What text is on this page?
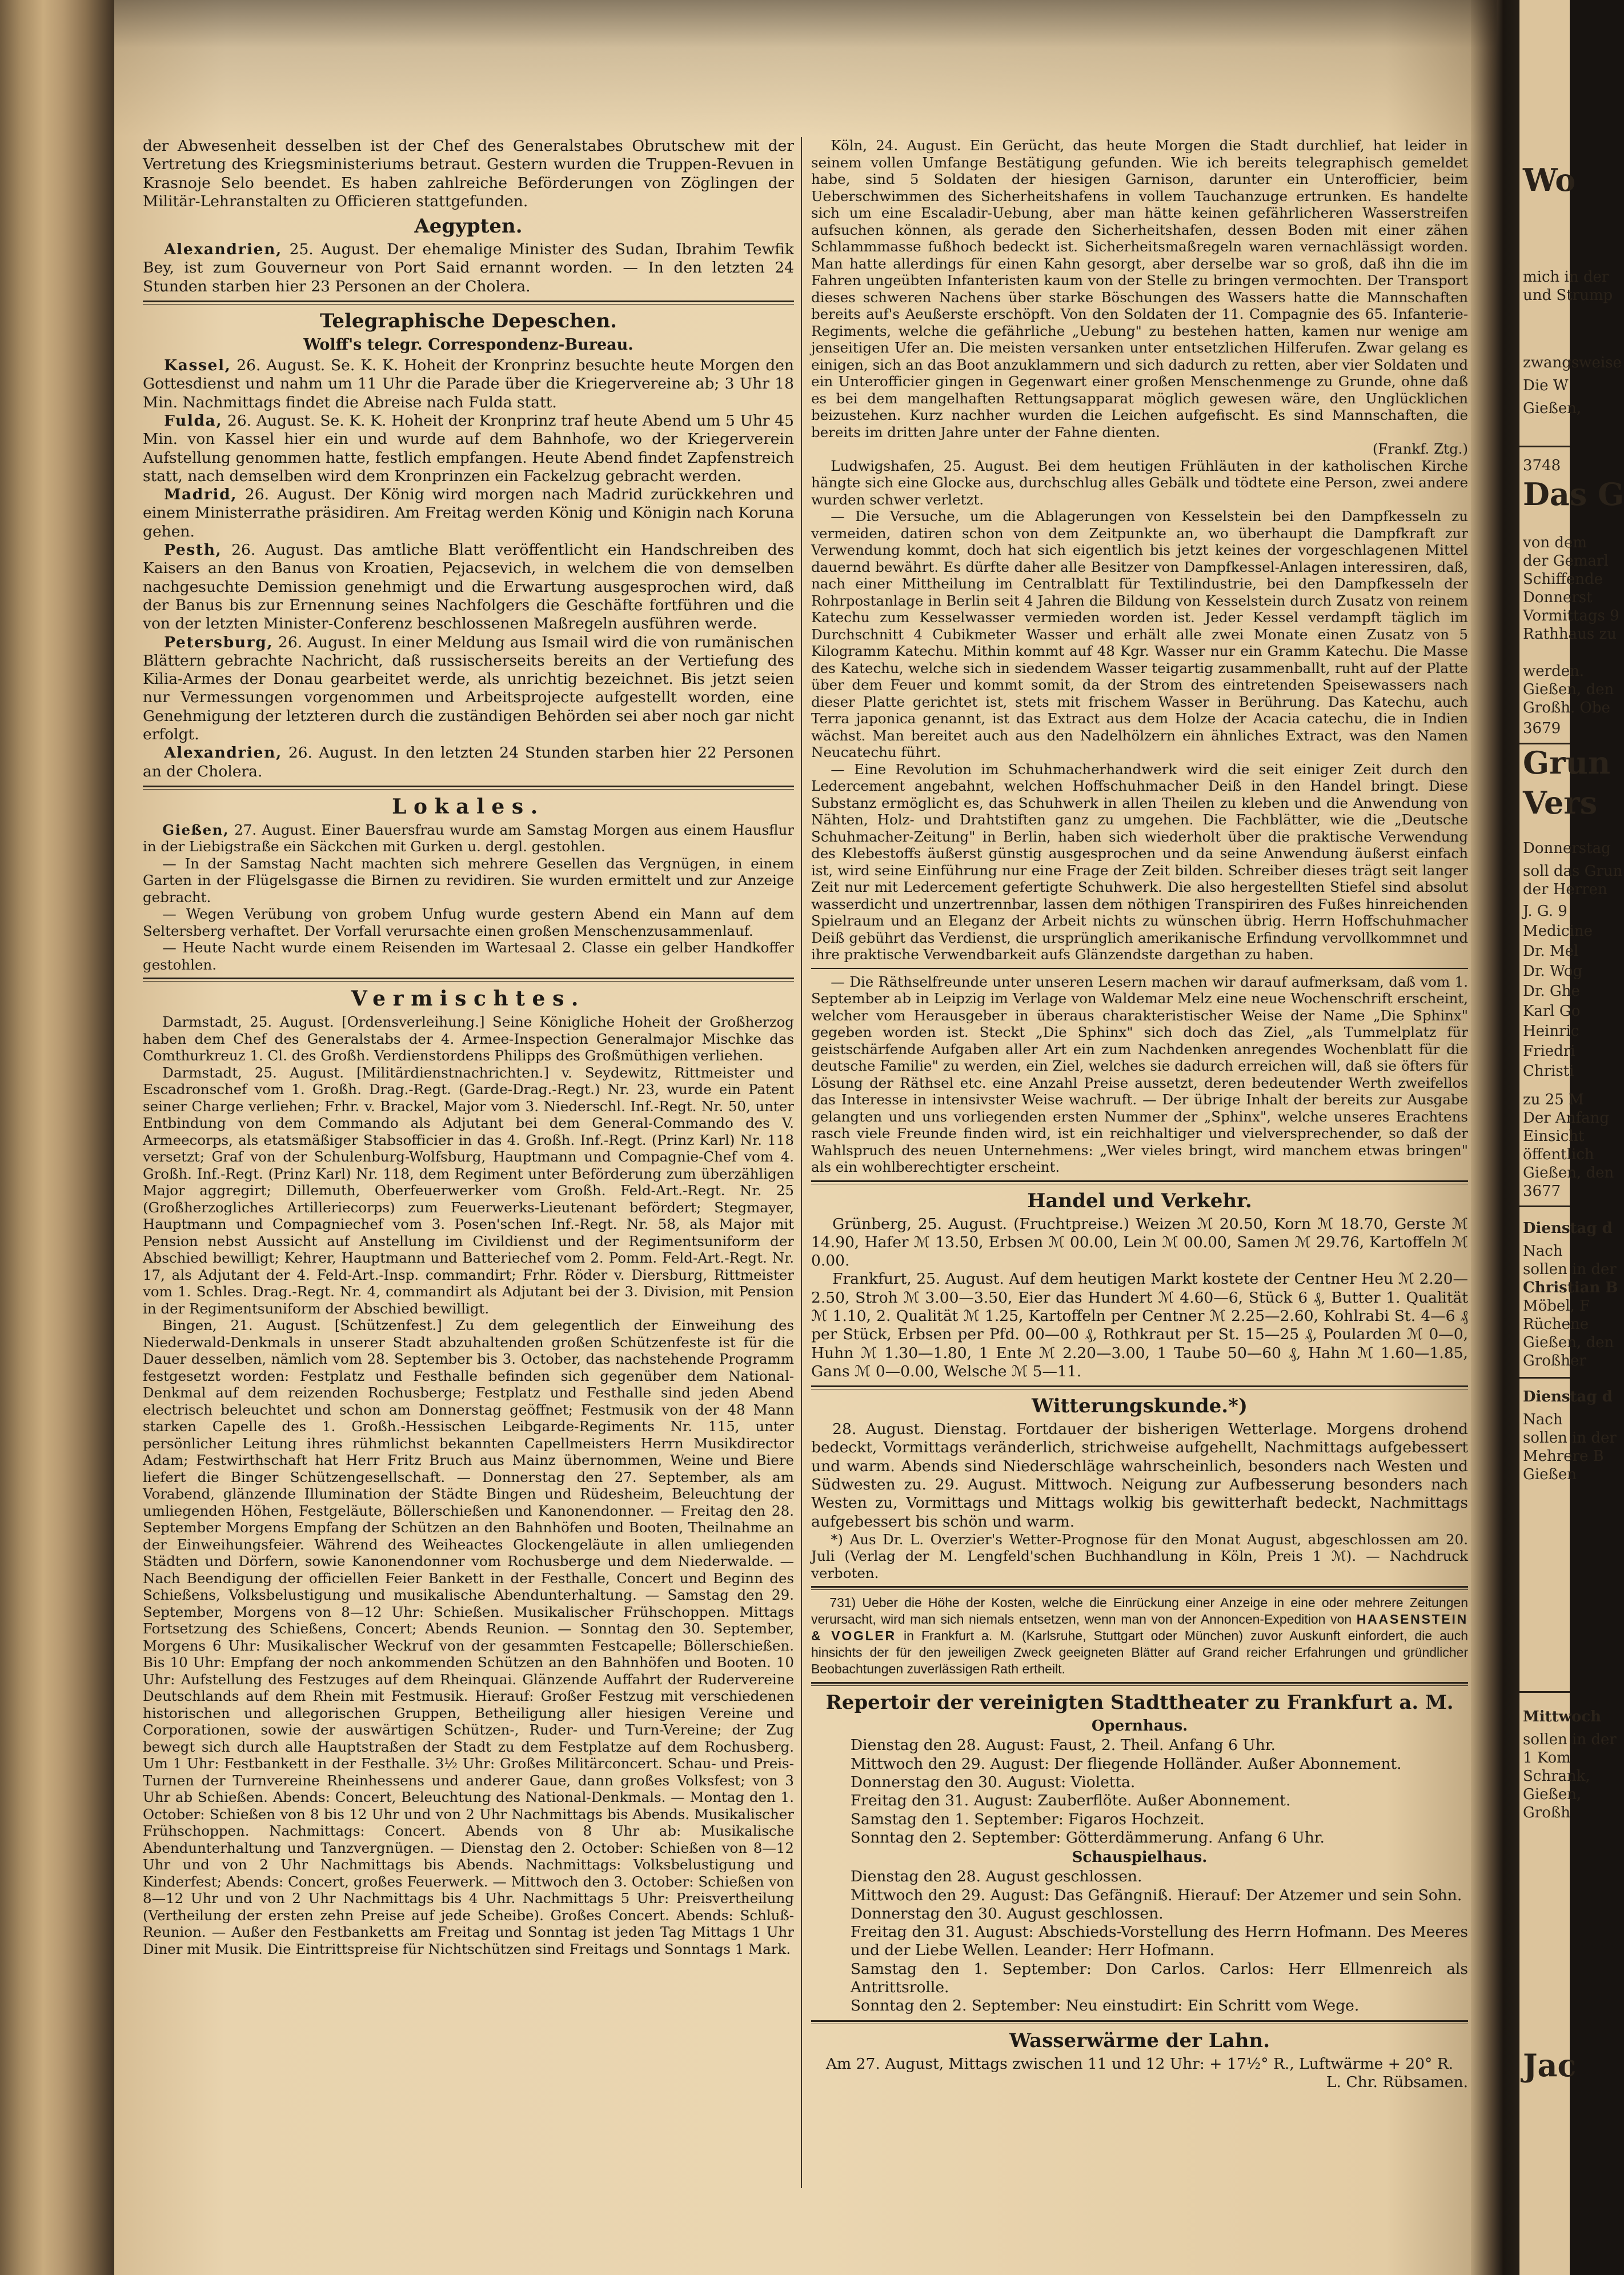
Wo
mich in der
und Strump
zwangsweise
Die W
Gießen,
3748
Das G
von dem
der Gemarl
Schiffende
Donnerst
Vormittags 9
Rathhaus zu
werden.
Gießen, den
Großh. Obe
3679
Grun
Vers
Donnerstag
soll das Grun
der Herren
J. G. 9
Medicine
Dr. Mel
Dr. Wog
Dr. Ghe
Karl Go
Heinric
Friedri
Christi
zu 25 M
Der Anfang
Einsicht
öffentlich
Gießen, den
3677
Dienstag d
Nach
sollen in der
Christian B
Möbel, F
Rüchene
Gießen, den
Großher
Dienstag d
Nach
sollen in der
Mehrere B
Gießen
Mittwoch
sollen in der
1 Kom
Schrank,
Gießen,
Großh
Jac

der Abwesenheit desselben ist der Chef des Generalstabes Obrutschew mit der Vertretung des Kriegsministeriums betraut. Gestern wurden die Truppen-Revuen in Krasnoje Selo beendet. Es haben zahlreiche Beförderungen von Zöglingen der Militär-Lehranstalten zu Officieren stattgefunden.

Aegypten.

Alexandrien, 25. August. Der ehemalige Minister des Sudan, Ibrahim Tewfik Bey, ist zum Gouverneur von Port Said ernannt worden. — In den letzten 24 Stunden starben hier 23 Personen an der Cholera.

Telegraphische Depeschen.
Wolff's telegr. Correspondenz-Bureau.

Kassel, 26. August. Se. K. K. Hoheit der Kronprinz besuchte heute Morgen den Gottesdienst und nahm um 11 Uhr die Parade über die Kriegervereine ab; 3 Uhr 18 Min. Nachmittags findet die Abreise nach Fulda statt.

Fulda, 26. August. Se. K. K. Hoheit der Kronprinz traf heute Abend um 5 Uhr 45 Min. von Kassel hier ein und wurde auf dem Bahnhofe, wo der Kriegerverein Aufstellung genommen hatte, festlich empfangen. Heute Abend findet Zapfenstreich statt, nach demselben wird dem Kronprinzen ein Fackelzug gebracht werden.

Madrid, 26. August. Der König wird morgen nach Madrid zurückkehren und einem Ministerrathe präsidiren. Am Freitag werden König und Königin nach Koruna gehen.

Pesth, 26. August. Das amtliche Blatt veröffentlicht ein Handschreiben des Kaisers an den Banus von Kroatien, Pejacsevich, in welchem die von demselben nachgesuchte Demission genehmigt und die Erwartung ausgesprochen wird, daß der Banus bis zur Ernennung seines Nachfolgers die Geschäfte fortführen und die von der letzten Minister-Conferenz beschlossenen Maßregeln ausführen werde.

Petersburg, 26. August. In einer Meldung aus Ismail wird die von rumänischen Blättern gebrachte Nachricht, daß russischerseits bereits an der Vertiefung des Kilia-Armes der Donau gearbeitet werde, als unrichtig bezeichnet. Bis jetzt seien nur Vermessungen vorgenommen und Arbeitsprojecte aufgestellt worden, eine Genehmigung der letzteren durch die zuständigen Behörden sei aber noch gar nicht erfolgt.

Alexandrien, 26. August. In den letzten 24 Stunden starben hier 22 Personen an der Cholera.

Lokales.

Gießen, 27. August. Einer Bauersfrau wurde am Samstag Morgen aus einem Hausflur in der Liebigstraße ein Säckchen mit Gurken u. dergl. gestohlen.

— In der Samstag Nacht machten sich mehrere Gesellen das Vergnügen, in einem Garten in der Flügelsgasse die Birnen zu revidiren. Sie wurden ermittelt und zur Anzeige gebracht.

— Wegen Verübung von grobem Unfug wurde gestern Abend ein Mann auf dem Seltersberg verhaftet. Der Vorfall verursachte einen großen Menschenzusammenlauf.

— Heute Nacht wurde einem Reisenden im Wartesaal 2. Classe ein gelber Handkoffer gestohlen.

Vermischtes.

Darmstadt, 25. August. [Ordensverleihung.] Seine Königliche Hoheit der Großherzog haben dem Chef des Generalstabs der 4. Armee-Inspection Generalmajor Mischke das Comthurkreuz 1. Cl. des Großh. Verdienstordens Philipps des Großmüthigen verliehen.

Darmstadt, 25. August. [Militärdienstnachrichten.] v. Seydewitz, Rittmeister und Escadronschef vom 1. Großh. Drag.-Regt. (Garde-Drag.-Regt.) Nr. 23, wurde ein Patent seiner Charge verliehen; Frhr. v. Brackel, Major vom 3. Niederschl. Inf.-Regt. Nr. 50, unter Entbindung von dem Commando als Adjutant bei dem General-Commando des V. Armeecorps, als etatsmäßiger Stabsofficier in das 4. Großh. Inf.-Regt. (Prinz Karl) Nr. 118 versetzt; Graf von der Schulenburg-Wolfsburg, Hauptmann und Compagnie-Chef vom 4. Großh. Inf.-Regt. (Prinz Karl) Nr. 118, dem Regiment unter Beförderung zum überzähligen Major aggregirt; Dillemuth, Oberfeuerwerker vom Großh. Feld-Art.-Regt. Nr. 25 (Großherzogliches Artilleriecorps) zum Feuerwerks-Lieutenant befördert; Stegmayer, Hauptmann und Compagniechef vom 3. Posen'schen Inf.-Regt. Nr. 58, als Major mit Pension nebst Aussicht auf Anstellung im Civildienst und der Regimentsuniform der Abschied bewilligt; Kehrer, Hauptmann und Batteriechef vom 2. Pomm. Feld-Art.-Regt. Nr. 17, als Adjutant der 4. Feld-Art.-Insp. commandirt; Frhr. Röder v. Diersburg, Rittmeister vom 1. Schles. Drag.-Regt. Nr. 4, commandirt als Adjutant bei der 3. Division, mit Pension in der Regimentsuniform der Abschied bewilligt.

Bingen, 21. August. [Schützenfest.] Zu dem gelegentlich der Einweihung des Niederwald-Denkmals in unserer Stadt abzuhaltenden großen Schützenfeste ist für die Dauer desselben, nämlich vom 28. September bis 3. October, das nachstehende Programm festgesetzt worden: Festplatz und Festhalle befinden sich gegenüber dem National-Denkmal auf dem reizenden Rochusberge; Festplatz und Festhalle sind jeden Abend electrisch beleuchtet und schon am Donnerstag geöffnet; Festmusik von der 48 Mann starken Capelle des 1. Großh.-Hessischen Leibgarde-Regiments Nr. 115, unter persönlicher Leitung ihres rühmlichst bekannten Capellmeisters Herrn Musikdirector Adam; Festwirthschaft hat Herr Fritz Bruch aus Mainz übernommen, Weine und Biere liefert die Binger Schützengesellschaft. — Donnerstag den 27. September, als am Vorabend, glänzende Illumination der Städte Bingen und Rüdesheim, Beleuchtung der umliegenden Höhen, Festgeläute, Böllerschießen und Kanonendonner. — Freitag den 28. September Morgens Empfang der Schützen an den Bahnhöfen und Booten, Theilnahme an der Einweihungsfeier. Während des Weiheactes Glockengeläute in allen umliegenden Städten und Dörfern, sowie Kanonendonner vom Rochusberge und dem Niederwalde. — Nach Beendigung der officiellen Feier Bankett in der Festhalle, Concert und Beginn des Schießens, Volksbelustigung und musikalische Abendunterhaltung. — Samstag den 29. September, Morgens von 8—12 Uhr: Schießen. Musikalischer Frühschoppen. Mittags Fortsetzung des Schießens, Concert; Abends Reunion. — Sonntag den 30. September, Morgens 6 Uhr: Musikalischer Weckruf von der gesammten Festcapelle; Böllerschießen. Bis 10 Uhr: Empfang der noch ankommenden Schützen an den Bahnhöfen und Booten. 10 Uhr: Aufstellung des Festzuges auf dem Rheinquai. Glänzende Auffahrt der Rudervereine Deutschlands auf dem Rhein mit Festmusik. Hierauf: Großer Festzug mit verschiedenen historischen und allegorischen Gruppen, Betheiligung aller hiesigen Vereine und Corporationen, sowie der auswärtigen Schützen-, Ruder- und Turn-Vereine; der Zug bewegt sich durch alle Hauptstraßen der Stadt zu dem Festplatze auf dem Rochusberg. Um 1 Uhr: Festbankett in der Festhalle. 3½ Uhr: Großes Militärconcert. Schau- und Preis-Turnen der Turnvereine Rheinhessens und anderer Gaue, dann großes Volksfest; von 3 Uhr ab Schießen. Abends: Concert, Beleuchtung des National-Denkmals. — Montag den 1. October: Schießen von 8 bis 12 Uhr und von 2 Uhr Nachmittags bis Abends. Musikalischer Frühschoppen. Nachmittags: Concert. Abends von 8 Uhr ab: Musikalische Abendunterhaltung und Tanzvergnügen. — Dienstag den 2. October: Schießen von 8—12 Uhr und von 2 Uhr Nachmittags bis Abends. Nachmittags: Volksbelustigung und Kinderfest; Abends: Concert, großes Feuerwerk. — Mittwoch den 3. October: Schießen von 8—12 Uhr und von 2 Uhr Nachmittags bis 4 Uhr. Nachmittags 5 Uhr: Preisvertheilung (Vertheilung der ersten zehn Preise auf jede Scheibe). Großes Concert. Abends: Schluß-Reunion. — Außer den Festbanketts am Freitag und Sonntag ist jeden Tag Mittags 1 Uhr Diner mit Musik. Die Eintrittspreise für Nichtschützen sind Freitags und Sonntags 1 Mark.

Köln, 24. August. Ein Gerücht, das heute Morgen die Stadt durchlief, hat leider in seinem vollen Umfange Bestätigung gefunden. Wie ich bereits telegraphisch gemeldet habe, sind 5 Soldaten der hiesigen Garnison, darunter ein Unterofficier, beim Ueberschwimmen des Sicherheitshafens in vollem Tauchanzuge ertrunken. Es handelte sich um eine Escaladir-Uebung, aber man hätte keinen gefährlicheren Wasserstreifen aufsuchen können, als gerade den Sicherheitshafen, dessen Boden mit einer zähen Schlammmasse fußhoch bedeckt ist. Sicherheitsmaßregeln waren vernachlässigt worden. Man hatte allerdings für einen Kahn gesorgt, aber derselbe war so groß, daß ihn die im Fahren ungeübten Infanteristen kaum von der Stelle zu bringen vermochten. Der Transport dieses schweren Nachens über starke Böschungen des Wassers hatte die Mannschaften bereits auf's Aeußerste erschöpft. Von den Soldaten der 11. Compagnie des 65. Infanterie-Regiments, welche die gefährliche „Uebung" zu bestehen hatten, kamen nur wenige am jenseitigen Ufer an. Die meisten versanken unter entsetzlichen Hilferufen. Zwar gelang es einigen, sich an das Boot anzuklammern und sich dadurch zu retten, aber vier Soldaten und ein Unterofficier gingen in Gegenwart einer großen Menschenmenge zu Grunde, ohne daß es bei dem mangelhaften Rettungsapparat möglich gewesen wäre, den Unglücklichen beizustehen. Kurz nachher wurden die Leichen aufgefischt. Es sind Mannschaften, die bereits im dritten Jahre unter der Fahne dienten.

(Frankf. Ztg.)

Ludwigshafen, 25. August. Bei dem heutigen Frühläuten in der katholischen Kirche hängte sich eine Glocke aus, durchschlug alles Gebälk und tödtete eine Person, zwei andere wurden schwer verletzt.

— Die Versuche, um die Ablagerungen von Kesselstein bei den Dampfkesseln zu vermeiden, datiren schon von dem Zeitpunkte an, wo überhaupt die Dampfkraft zur Verwendung kommt, doch hat sich eigentlich bis jetzt keines der vorgeschlagenen Mittel dauernd bewährt. Es dürfte daher alle Besitzer von Dampfkessel-Anlagen interessiren, daß, nach einer Mittheilung im Centralblatt für Textilindustrie, bei den Dampfkesseln der Rohrpostanlage in Berlin seit 4 Jahren die Bildung von Kesselstein durch Zusatz von reinem Katechu zum Kesselwasser vermieden worden ist. Jeder Kessel verdampft täglich im Durchschnitt 4 Cubikmeter Wasser und erhält alle zwei Monate einen Zusatz von 5 Kilogramm Katechu. Mithin kommt auf 48 Kgr. Wasser nur ein Gramm Katechu. Die Masse des Katechu, welche sich in siedendem Wasser teigartig zusammenballt, ruht auf der Platte über dem Feuer und kommt somit, da der Strom des eintretenden Speisewassers nach dieser Platte gerichtet ist, stets mit frischem Wasser in Berührung. Das Katechu, auch Terra japonica genannt, ist das Extract aus dem Holze der Acacia catechu, die in Indien wächst. Man bereitet auch aus den Nadelhölzern ein ähnliches Extract, was den Namen Neucatechu führt.

— Eine Revolution im Schuhmacherhandwerk wird die seit einiger Zeit durch den Ledercement angebahnt, welchen Hoffschuhmacher Deiß in den Handel bringt. Diese Substanz ermöglicht es, das Schuhwerk in allen Theilen zu kleben und die Anwendung von Nähten, Holz- und Drahtstiften ganz zu umgehen. Die Fachblätter, wie die „Deutsche Schuhmacher-Zeitung" in Berlin, haben sich wiederholt über die praktische Verwendung des Klebestoffs äußerst günstig ausgesprochen und da seine Anwendung äußerst einfach ist, wird seine Einführung nur eine Frage der Zeit bilden. Schreiber dieses trägt seit langer Zeit nur mit Ledercement gefertigte Schuhwerk. Die also hergestellten Stiefel sind absolut wasserdicht und unzertrennbar, lassen dem nöthigen Transpiriren des Fußes hinreichenden Spielraum und an Eleganz der Arbeit nichts zu wünschen übrig. Herrn Hoffschuhmacher Deiß gebührt das Verdienst, die ursprünglich amerikanische Erfindung vervollkommnet und ihre praktische Verwendbarkeit aufs Glänzendste dargethan zu haben.

— Die Räthselfreunde unter unseren Lesern machen wir darauf aufmerksam, daß vom 1. September ab in Leipzig im Verlage von Waldemar Melz eine neue Wochenschrift erscheint, welcher vom Herausgeber in überaus charakteristischer Weise der Name „Die Sphinx" gegeben worden ist. Steckt „Die Sphinx" sich doch das Ziel, „als Tummelplatz für geistschärfende Aufgaben aller Art ein zum Nachdenken anregendes Wochenblatt für die deutsche Familie" zu werden, ein Ziel, welches sie dadurch erreichen will, daß sie öfters für Lösung der Räthsel etc. eine Anzahl Preise aussetzt, deren bedeutender Werth zweifellos das Interesse in intensivster Weise wachruft. — Der übrige Inhalt der bereits zur Ausgabe gelangten und uns vorliegenden ersten Nummer der „Sphinx", welche unseres Erachtens rasch viele Freunde finden wird, ist ein reichhaltiger und vielversprechender, so daß der Wahlspruch des neuen Unternehmens: „Wer vieles bringt, wird manchem etwas bringen" als ein wohlberechtigter erscheint.

Handel und Verkehr.

Grünberg, 25. August. (Fruchtpreise.) Weizen ℳ 20.50, Korn ℳ 18.70, Gerste ℳ 14.90, Hafer ℳ 13.50, Erbsen ℳ 00.00, Lein ℳ 00.00, Samen ℳ 29.76, Kartoffeln ℳ 0.00.

Frankfurt, 25. August. Auf dem heutigen Markt kostete der Centner Heu ℳ 2.20—2.50, Stroh ℳ 3.00—3.50, Eier das Hundert ℳ 4.60—6, Stück 6 ₰, Butter 1. Qualität ℳ 1.10, 2. Qualität ℳ 1.25, Kartoffeln per Centner ℳ 2.25—2.60, Kohlrabi St. 4—6 ₰ per Stück, Erbsen per Pfd. 00—00 ₰, Rothkraut per St. 15—25 ₰, Poularden ℳ 0—0, Huhn ℳ 1.30—1.80, 1 Ente ℳ 2.20—3.00, 1 Taube 50—60 ₰, Hahn ℳ 1.60—1.85, Gans ℳ 0—0.00, Welsche ℳ 5—11.

Witterungskunde.*)

28. August. Dienstag. Fortdauer der bisherigen Wetterlage. Morgens drohend bedeckt, Vormittags veränderlich, strichweise aufgehellt, Nachmittags aufgebessert und warm. Abends sind Niederschläge wahrscheinlich, besonders nach Westen und Südwesten zu. 29. August. Mittwoch. Neigung zur Aufbesserung besonders nach Westen zu, Vormittags und Mittags wolkig bis gewitterhaft bedeckt, Nachmittags aufgebessert bis schön und warm.

*) Aus Dr. L. Overzier's Wetter-Prognose für den Monat August, abgeschlossen am 20. Juli (Verlag der M. Lengfeld'schen Buchhandlung in Köln, Preis 1 ℳ). — Nachdruck verboten.

731) Ueber die Höhe der Kosten, welche die Einrückung einer Anzeige in eine oder mehrere Zeitungen verursacht, wird man sich niemals entsetzen, wenn man von der Annoncen-Expedition von HAASENSTEIN & VOGLER in Frankfurt a. M. (Karlsruhe, Stuttgart oder München) zuvor Auskunft einfordert, die auch hinsichts der für den jeweiligen Zweck geeigneten Blätter auf Grand reicher Erfahrungen und gründlicher Beobachtungen zuverlässigen Rath ertheilt.

Repertoir der vereinigten Stadttheater zu Frankfurt a. M.
Opernhaus.

Dienstag den 28. August: Faust, 2. Theil. Anfang 6 Uhr.

Mittwoch den 29. August: Der fliegende Holländer. Außer Abonnement.

Donnerstag den 30. August: Violetta.

Freitag den 31. August: Zauberflöte. Außer Abonnement.

Samstag den 1. September: Figaros Hochzeit.

Sonntag den 2. September: Götterdämmerung. Anfang 6 Uhr.

Schauspielhaus.

Dienstag den 28. August geschlossen.

Mittwoch den 29. August: Das Gefängniß. Hierauf: Der Atzemer und sein Sohn.

Donnerstag den 30. August geschlossen.

Freitag den 31. August: Abschieds-Vorstellung des Herrn Hofmann. Des Meeres und der Liebe Wellen. Leander: Herr Hofmann.

Samstag den 1. September: Don Carlos. Carlos: Herr Ellmenreich als Antrittsrolle.

Sonntag den 2. September: Neu einstudirt: Ein Schritt vom Wege.

Wasserwärme der Lahn.

Am 27. August, Mittags zwischen 11 und 12 Uhr: + 17½° R., Luftwärme + 20° R.

L. Chr. Rübsamen.
